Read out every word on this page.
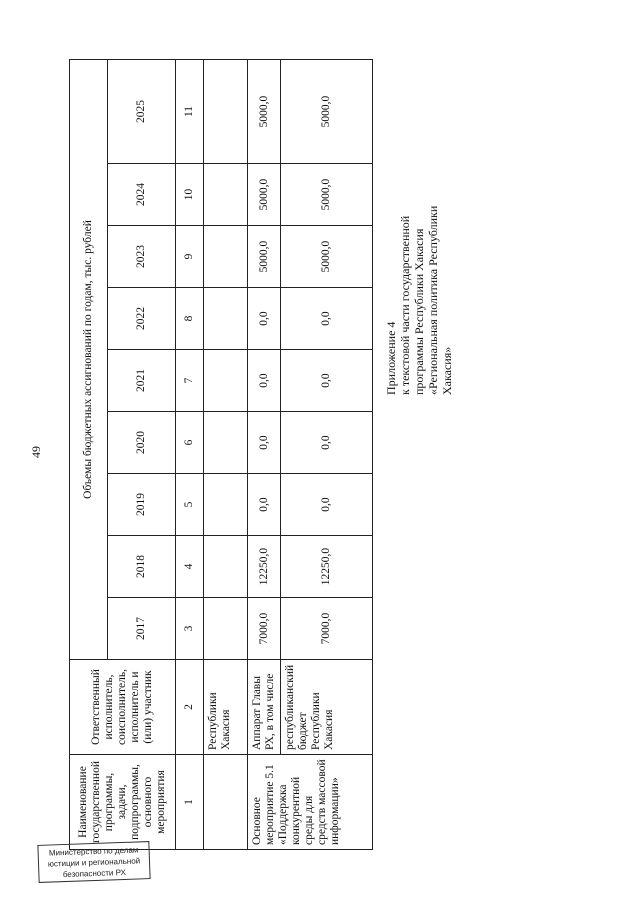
49
Наименование государственной программы, задачи, подпрограммы, основного мероприятия	Ответственный исполнитель, соисполнитель, исполнитель и (или) участник	Объемы бюджетных ассигнований по годам, тыс. рублей								
		2017	2018	2019	2020	2021	2022	2023	2024	2025
1	2	3	4	5	6	7	8	9	10	11
	Республики Хакасия									
Основное мероприятие 5.1 «Поддержка конкурентной среды для средств массовой информации»	Аппарат Главы РХ, в том числе	7000,0	12250,0	0,0	0,0	0,0	0,0	5000,0	5000,0	5000,0
	республиканский бюджет Республики Хакасия	7000,0	12250,0	0,0	0,0	0,0	0,0	5000,0	5000,0	5000,0
Приложение 4 к текстовой части государственной программы Республики Хакасия «Региональная политика Республики Хакасия»
Министерство по делам
юстиции и региональной
безопасности РХ
